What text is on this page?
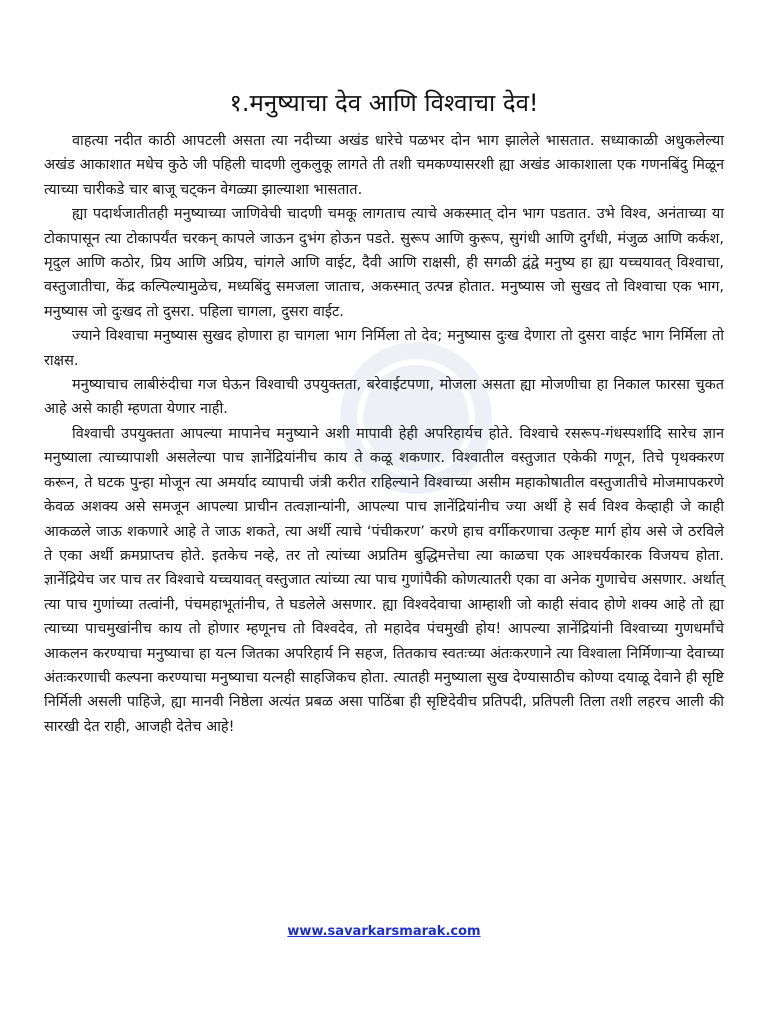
१.मनुष्याचा देव आणि विश्वाचा देव!

वाहत्या नदीत काठी आपटली असता त्या नदीच्या अखंड धारेचे पळभर दोन भाग झालेले भासतात. सध्याकाळी अधुकलेल्या अखंड आकाशात मधेच कुठे जी पहिली चादणी लुकलुकू लागते ती तशी चमकण्यासरशी ह्या अखंड आकाशाला एक गणनबिंदु मिळून त्याच्या चारीकडे चार बाजू चट्कन वेगळ्या झाल्याशा भासतात.

ह्या पदार्थजातीतही मनुष्याच्या जाणिवेची चादणी चमकू लागताच त्याचे अकस्मात् दोन भाग पडतात. उभे विश्व, अनंताच्या या टोकापासून त्या टोकापर्यंत चरकन् कापले जाऊन दुभंग होऊन पडते. सुरूप आणि कुरूप, सुगंधी आणि दुर्गंधी, मंजुळ आणि कर्कश, मृदुल आणि कठोर, प्रिय आणि अप्रिय, चांगले आणि वाईट, दैवी आणि राक्षसी, ही सगळी द्वंद्वे मनुष्य हा ह्या यच्चयावत् विश्वाचा, वस्तुजातीचा, केंद्र कल्पिल्यामुळेच, मध्यबिंदु समजला जाताच, अकस्मात् उत्पन्न होतात. मनुष्यास जो सुखद तो विश्वाचा एक भाग, मनुष्यास जो दुःखद तो दुसरा. पहिला चागला, दुसरा वाईट.

ज्याने विश्वाचा मनुष्यास सुखद होणारा हा चागला भाग निर्मिला तो देव; मनुष्यास दुःख देणारा तो दुसरा वाईट भाग निर्मिला तो राक्षस.

मनुष्याचाच लाबीरुंदीचा गज घेऊन विश्वाची उपयुक्तता, बरेवाईटपणा, मोजला असता ह्या मोजणीचा हा निकाल फारसा चुकत आहे असे काही म्हणता येणार नाही.

विश्वाची उपयुक्तता आपल्या मापानेच मनुष्याने अशी मापावी हेही अपरिहार्यच होते. विश्वाचे रसरूप-गंधस्पर्शादि सारेच ज्ञान मनुष्याला त्याच्यापाशी असलेल्या पाच ज्ञानेंद्रियांनीच काय ते कळू शकणार. विश्वातील वस्तुजात एकेकी गणून, तिचे पृथक्करण करून, ते घटक पुन्हा मोजून त्या अमर्याद व्यापाची जंत्री करीत राहिल्याने विश्वाच्या असीम महाकोषातील वस्तुजातीचे मोजमापकरणे केवळ अशक्य असे समजून आपल्या प्राचीन तत्वज्ञान्यांनी, आपल्या पाच ज्ञानेंद्रियांनीच ज्या अर्थी हे सर्व विश्व केव्हाही जे काही आकळले जाऊ शकणारे आहे ते जाऊ शकते, त्या अर्थी त्याचे ‘पंचीकरण’ करणे हाच वर्गीकरणाचा उत्कृष्ट मार्ग होय असे जे ठरविले ते एका अर्थी क्रमप्राप्तच होते. इतकेच नव्हे, तर तो त्यांच्या अप्रतिम बुद्धिमत्तेचा त्या काळचा एक आश्चर्यकारक विजयच होता. ज्ञानेंद्रियेच जर पाच तर विश्वाचे यच्चयावत् वस्तुजात त्यांच्या त्या पाच गुणांपैकी कोणत्यातरी एका वा अनेक गुणाचेच असणार. अर्थात् त्या पाच गुणांच्या तत्वांनी, पंचमहाभूतांनीच, ते घडलेले असणार. ह्या विश्वदेवाचा आम्हाशी जो काही संवाद होणे शक्य आहे तो ह्या त्याच्या पाचमुखांनीच काय तो होणार म्हणूनच तो विश्वदेव, तो महादेव पंचमुखी होय! आपल्या ज्ञानेंद्रियांनी विश्वाच्या गुणधर्मांचे आकलन करण्याचा मनुष्याचा हा यत्न जितका अपरिहार्य नि सहज, तितकाच स्वतःच्या अंतःकरणाने त्या विश्वाला निर्मिणाऱ्या देवाच्या अंतःकरणाची कल्पना करण्याचा मनुष्याचा यत्नही साहजिकच होता. त्यातही मनुष्याला सुख देण्यासाठीच कोण्या दयाळू देवाने ही सृष्टि निर्मिली असली पाहिजे, ह्या मानवी निष्ठेला अत्यंत प्रबळ असा पाठिंबा ही सृष्टिदेवीच प्रतिपदी, प्रतिपली तिला तशी लहरच आली की सारखी देत राही, आजही देतेच आहे!

www.savarkarsmarak.com
